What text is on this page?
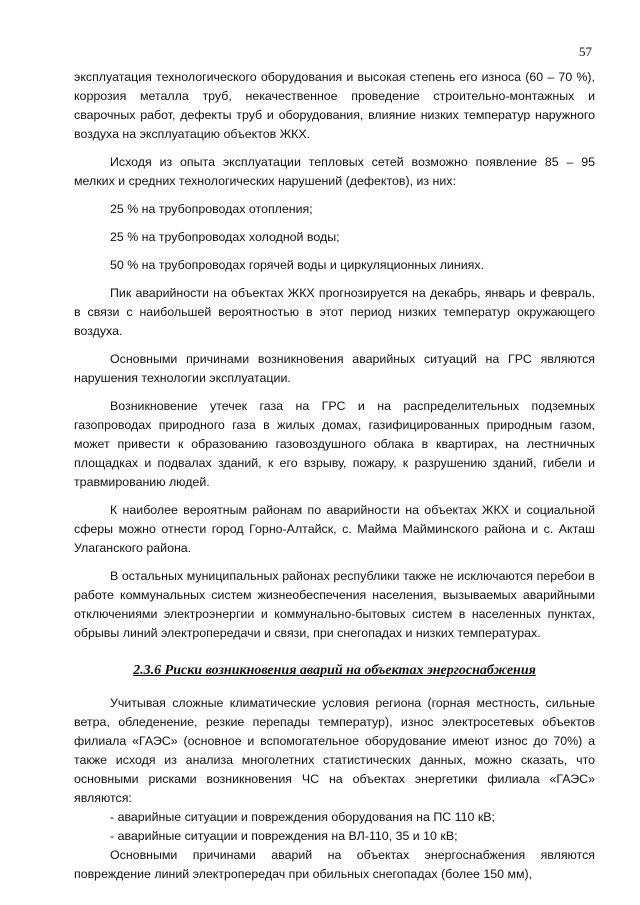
57

эксплуатация технологического оборудования и высокая степень его износа (60 – 70 %), коррозия металла труб, некачественное проведение строительно-монтажных и сварочных работ, дефекты труб и оборудования, влияние низких температур наружного воздуха на эксплуатацию объектов ЖКХ.

Исходя из опыта эксплуатации тепловых сетей возможно появление 85 – 95 мелких и средних технологических нарушений (дефектов), из них:

25 % на трубопроводах отопления;

25 % на трубопроводах холодной воды;

50 % на трубопроводах горячей воды и циркуляционных линиях.

Пик аварийности на объектах ЖКХ прогнозируется на декабрь, январь и февраль, в связи с наибольшей вероятностью в этот период низких температур окружающего воздуха.

Основными причинами возникновения аварийных ситуаций на ГРС являются нарушения технологии эксплуатации.

Возникновение утечек газа на ГРС и на распределительных подземных газопроводах природного газа в жилых домах, газифицированных природным газом, может привести к образованию газовоздушного облака в квартирах, на лестничных площадках и подвалах зданий, к его взрыву, пожару, к разрушению зданий, гибели и травмированию людей.

К наиболее вероятным районам по аварийности на объектах ЖКХ и социальной сферы можно отнести город Горно-Алтайск, с. Майма Майминского района и с. Акташ Улаганского района.

В остальных муниципальных районах республики также не исключаются перебои в работе коммунальных систем жизнеобеспечения населения, вызываемых аварийными отключениями электроэнергии и коммунально-бытовых систем в населенных пунктах, обрывы линий электропередачи и связи, при снегопадах и низких температурах.

2.3.6 Риски возникновения аварий на объектах энергоснабжения

Учитывая сложные климатические условия региона (горная местность, сильные ветра, обледенение, резкие перепады температур), износ электросетевых объектов филиала «ГАЭС» (основное и вспомогательное оборудование имеют износ до 70%) а также исходя из анализа многолетних статистических данных, можно сказать, что основными рисками возникновения ЧС на объектах энергетики филиала «ГАЭС» являются:

- аварийные ситуации и повреждения оборудования на ПС 110 кВ;

- аварийные ситуации и повреждения на ВЛ-110, 35 и 10 кВ;

Основными причинами аварий на объектах энергоснабжения являются повреждение линий электропередач при обильных снегопадах (более 150 мм),
